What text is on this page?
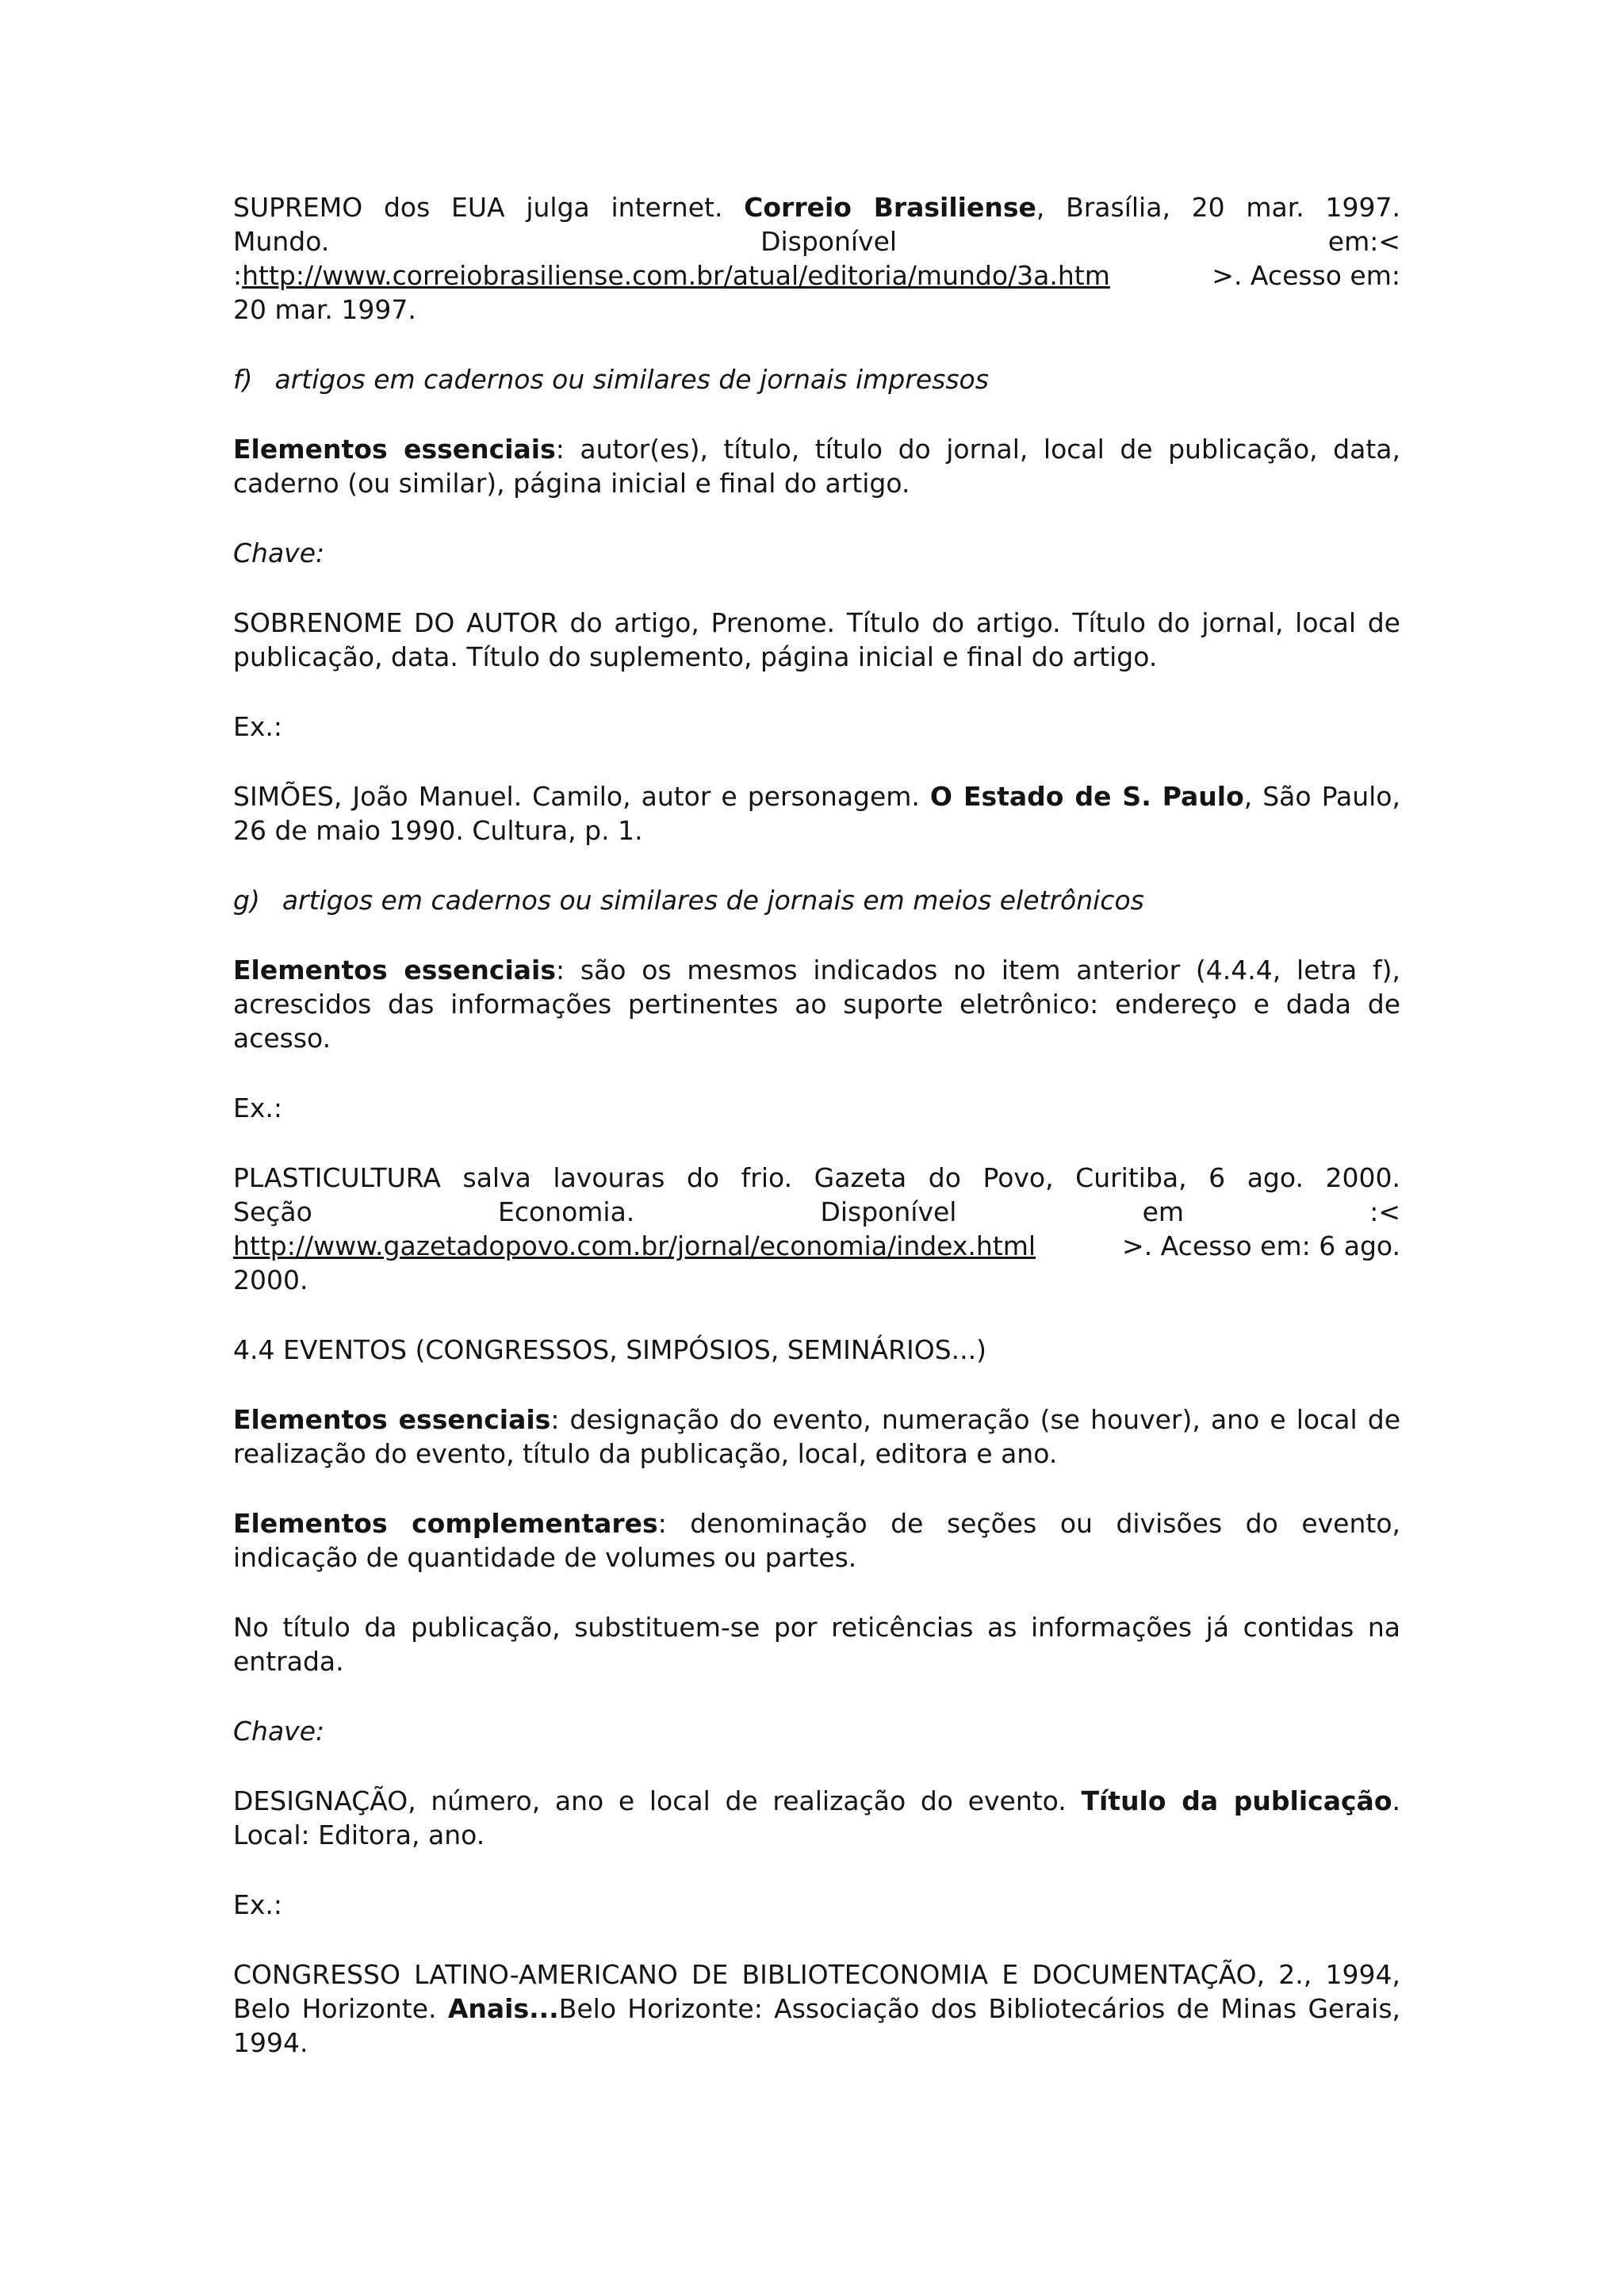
SUPREMO dos EUA julga internet. Correio Brasiliense, Brasília, 20 mar. 1997.
Mundo.	Disponível	em:<
:http://www.correiobrasiliense.com.br/atual/editoria/mundo/3a.htm	>. Acesso em:
20 mar. 1997.
f) artigos em cadernos ou similares de jornais impressos
Elementos essenciais: autor(es), título, título do jornal, local de publicação, data, caderno (ou similar), página inicial e final do artigo.
Chave:
SOBRENOME DO AUTOR do artigo, Prenome. Título do artigo. Título do jornal, local de publicação, data. Título do suplemento, página inicial e final do artigo.
Ex.:
SIMÕES, João Manuel. Camilo, autor e personagem. O Estado de S. Paulo, São Paulo, 26 de maio 1990. Cultura, p. 1.
g) artigos em cadernos ou similares de jornais em meios eletrônicos
Elementos essenciais: são os mesmos indicados no item anterior (4.4.4, letra f), acrescidos das informações pertinentes ao suporte eletrônico: endereço e dada de acesso.
Ex.:
PLASTICULTURA salva lavouras do frio. Gazeta do Povo, Curitiba, 6 ago. 2000.
Seção	Economia.	Disponível	em	:<
http://www.gazetadopovo.com.br/jornal/economia/index.html	>. Acesso em: 6 ago.
2000.
4.4 EVENTOS (CONGRESSOS, SIMPÓSIOS, SEMINÁRIOS...)
Elementos essenciais: designação do evento, numeração (se houver), ano e local de realização do evento, título da publicação, local, editora e ano.
Elementos complementares: denominação de seções ou divisões do evento, indicação de quantidade de volumes ou partes.
No título da publicação, substituem-se por reticências as informações já contidas na entrada.
Chave:
DESIGNAÇÃO, número, ano e local de realização do evento. Título da publicação. Local: Editora, ano.
Ex.:
CONGRESSO LATINO-AMERICANO DE BIBLIOTECONOMIA E DOCUMENTAÇÃO, 2., 1994, Belo Horizonte. Anais...Belo Horizonte: Associação dos Bibliotecários de Minas Gerais, 1994.
